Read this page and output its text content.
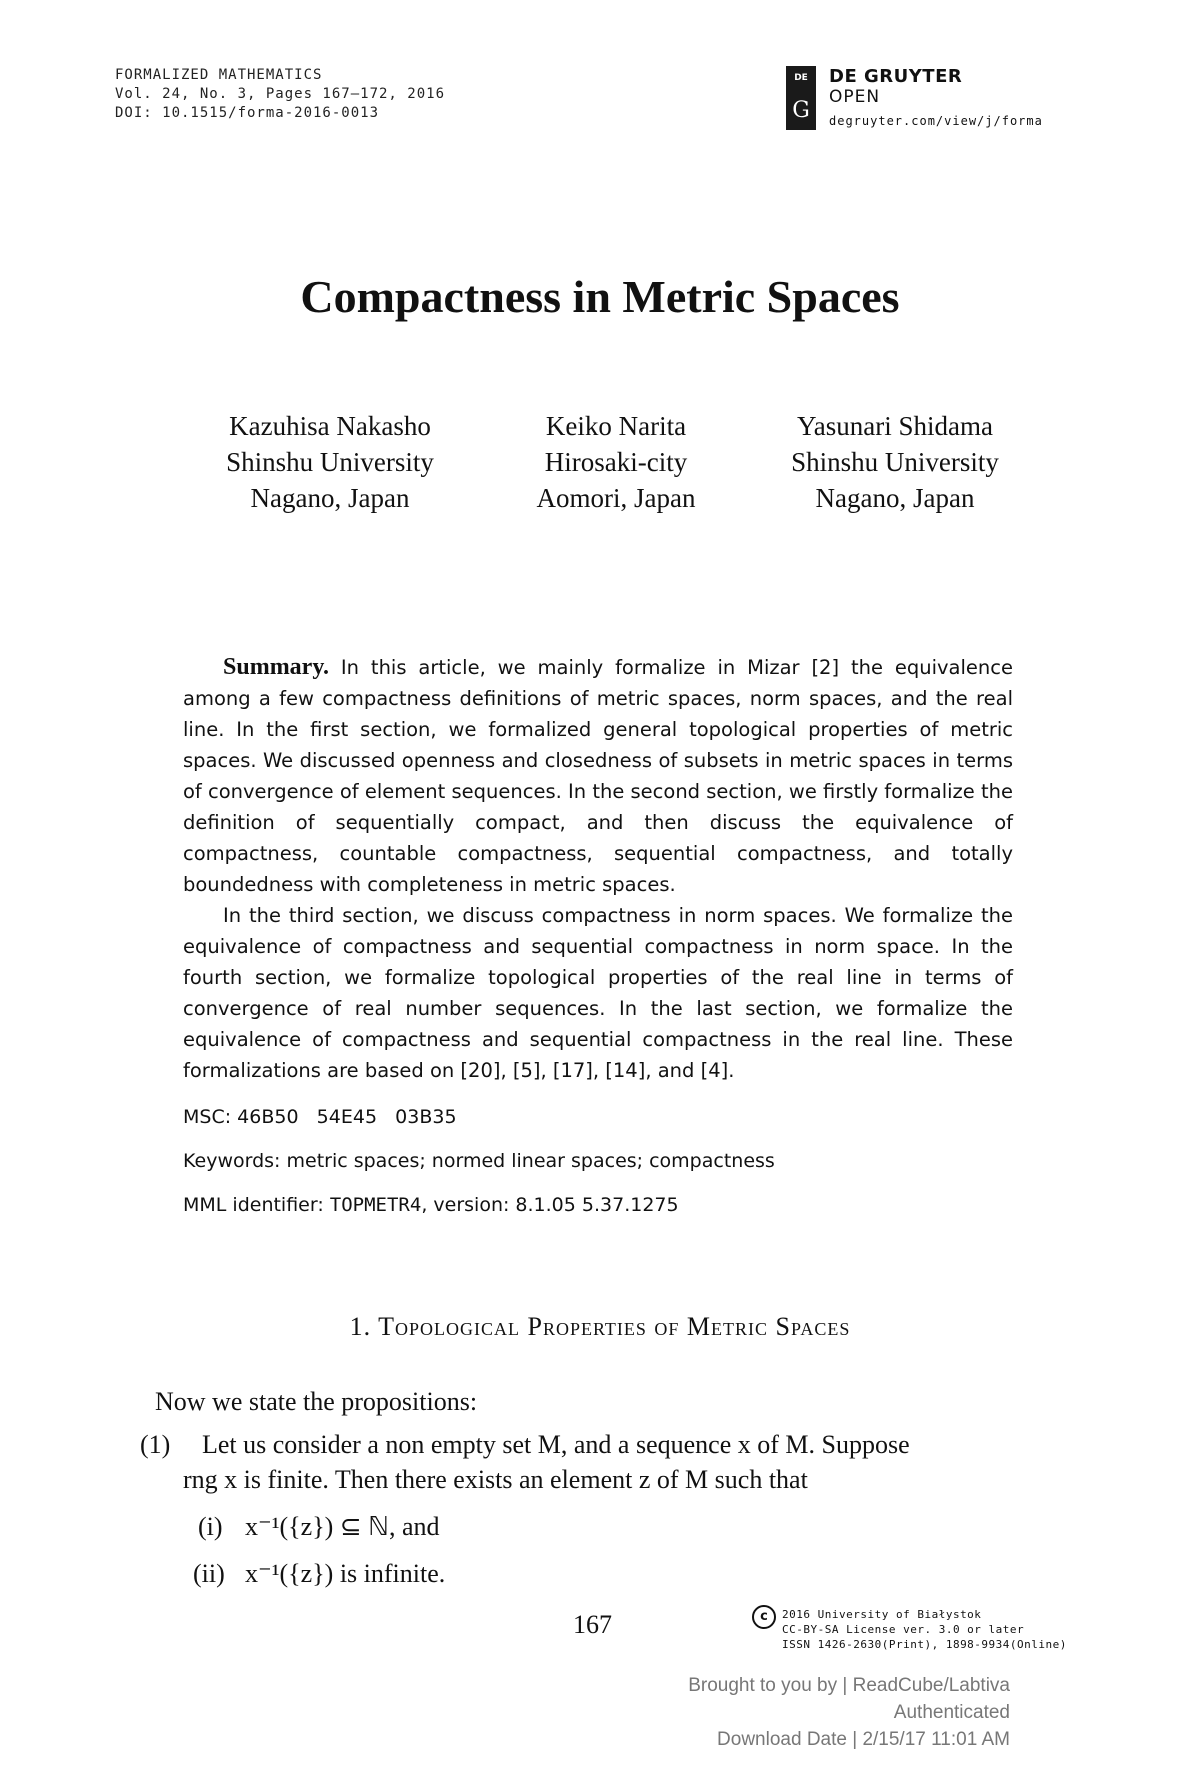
FORMALIZED MATHEMATICS
Vol. 24, No. 3, Pages 167–172, 2016
DOI: 10.1515/forma-2016-0013
DE
G
DE GRUYTER
OPEN
degruyter.com/view/j/forma
Compactness in Metric Spaces
Kazuhisa Nakasho
Shinshu University
Nagano, Japan
Keiko Narita
Hirosaki-city
Aomori, Japan
Yasunari Shidama
Shinshu University
Nagano, Japan

Summary. In this article, we mainly formalize in Mizar [2] the equivalence among a few compactness definitions of metric spaces, norm spaces, and the real line. In the first section, we formalized general topological properties of metric spaces. We discussed openness and closedness of subsets in metric spaces in terms of convergence of element sequences. In the second section, we firstly formalize the definition of sequentially compact, and then discuss the equivalence of compactness, countable compactness, sequential compactness, and totally boundedness with completeness in metric spaces.

In the third section, we discuss compactness in norm spaces. We formalize the equivalence of compactness and sequential compactness in norm space. In the fourth section, we formalize topological properties of the real line in terms of convergence of real number sequences. In the last section, we formalize the equivalence of compactness and sequential compactness in the real line. These formalizations are based on [20], [5], [17], [14], and [4].

MSC: 46B50   54E45   03B35
Keywords: metric spaces; normed linear spaces; compactness
MML identifier: TOPMETR4, version: 8.1.05 5.37.1275
1. Topological Properties of Metric Spaces
Now we state the propositions:
(1) Let us consider a non empty set M, and a sequence x of M. Suppose
rng x is finite. Then there exists an element z of M such that
(i) x⁻¹({z}) ⊆ ℕ, and
(ii) x⁻¹({z}) is infinite.
167	c	2016 University of Białystok
CC-BY-SA License ver. 3.0 or later
ISSN 1426-2630(Print), 1898-9934(Online)
Brought to you by | ReadCube/Labtiva
Authenticated
Download Date | 2/15/17 11:01 AM
